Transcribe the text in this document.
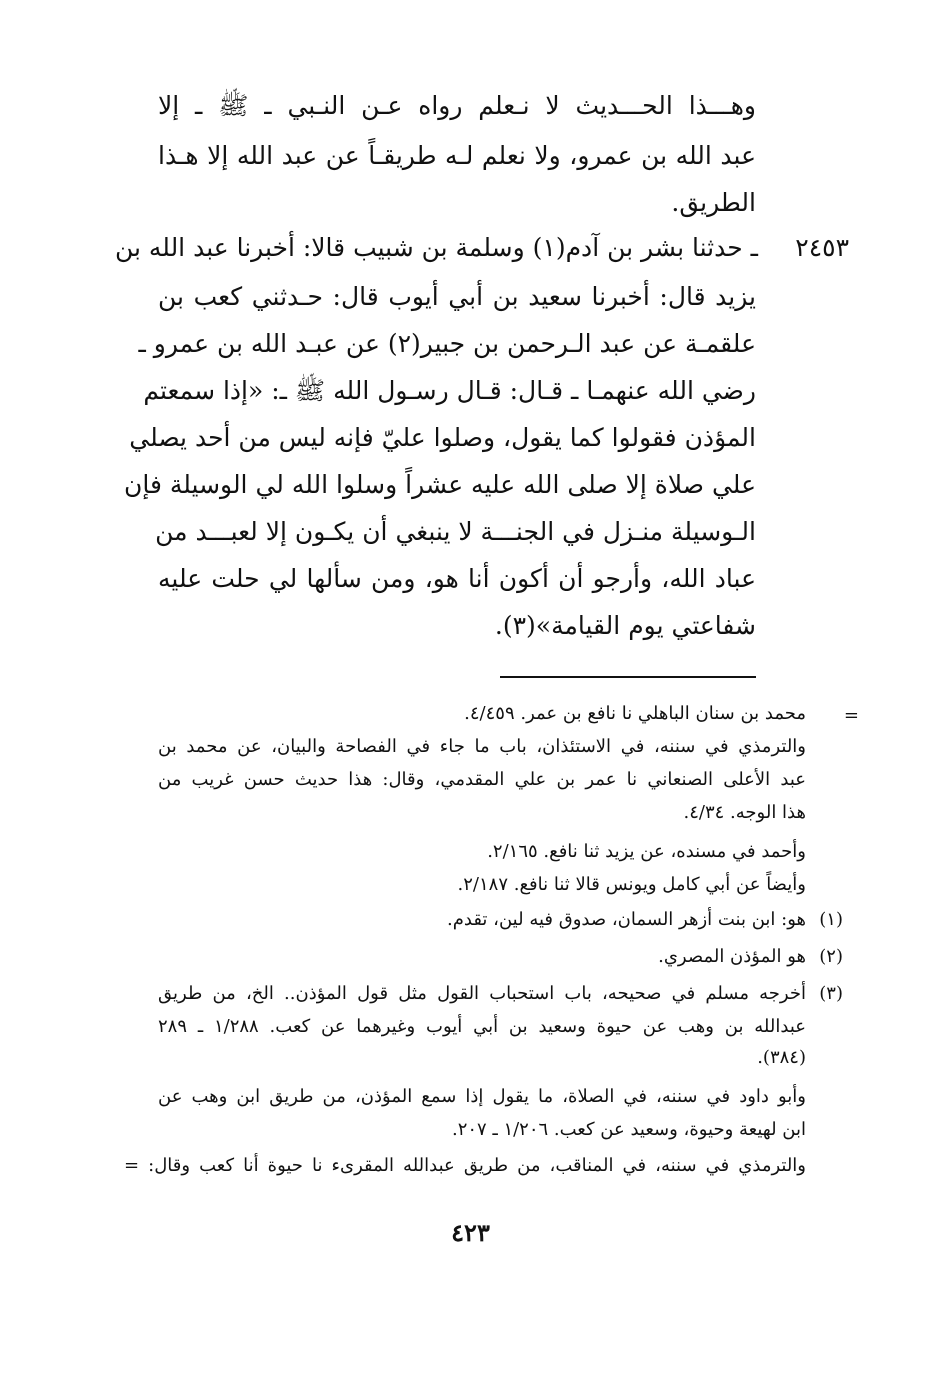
وهـــذا الحـــديث لا نـعلم رواه عـن النـبي ـ ﷺ ـ إلا
عبد الله بن عمرو، ولا نعلم لـه طريقـاً عن عبد الله إلا هـذا
الطريق.
٢٤٥٣
ـ حدثنا بشر بن آدم(١) وسلمة بن شبيب قالا: أخبرنا عبد الله بن
يزيد قال: أخبرنا سعيد بن أبي أيوب قال: حـدثني كعب بن
علقمـة عن عبد الـرحمن بن جبير(٢) عن عبـد الله بن عمرو ـ
رضي الله عنهمـا ـ قـال: قـال رسـول الله ﷺ ـ: «إذا سمعتم
المؤذن فقولوا كما يقول، وصلوا عليّ فإنه ليس من أحد يصلي
علي صلاة إلا صلى الله عليه عشراً وسلوا الله لي الوسيلة فإن
الـوسيلة منـزل في الجنـــة لا ينبغي أن يكـون إلا لعبـــد من
عباد الله، وأرجو أن أكون أنا هو، ومن سألها لي حلت عليه
شفاعتي يوم القيامة»(٣).
=
محمد بن سنان الباهلي نا نافع بن عمر. ٤/٤٥٩.
والترمذي في سننه، في الاستئذان، باب ما جاء في الفصاحة والبيان، عن محمد بن
عبد الأعلى الصنعاني نا عمر بن علي المقدمي، وقال: هذا حديث حسن غريب من
هذا الوجه. ٤/٣٤.
وأحمد في مسنده، عن يزيد ثنا نافع. ٢/١٦٥.
وأيضاً عن أبي كامل ويونس قالا ثنا نافع. ٢/١٨٧.
(١)
هو: ابن بنت أزهر السمان، صدوق فيه لين، تقدم.
(٢)
هو المؤذن المصري.
(٣)
أخرجه مسلم في صحيحه، باب استحباب القول مثل قول المؤذن.. الخ، من طريق
عبدالله بن وهب عن حيوة وسعيد بن أبي أيوب وغيرهما عن كعب. ١/٢٨٨ ـ ٢٨٩
(٣٨٤).
وأبو داود في سننه، في الصلاة، ما يقول إذا سمع المؤذن، من طريق ابن وهب عن
ابن لهيعة وحيوة، وسعيد عن كعب. ١/٢٠٦ ـ ٢٠٧.
والترمذي في سننه، في المناقب، من طريق عبدالله المقرىء نا حيوة أنا كعب وقال: =
٤٢٣
